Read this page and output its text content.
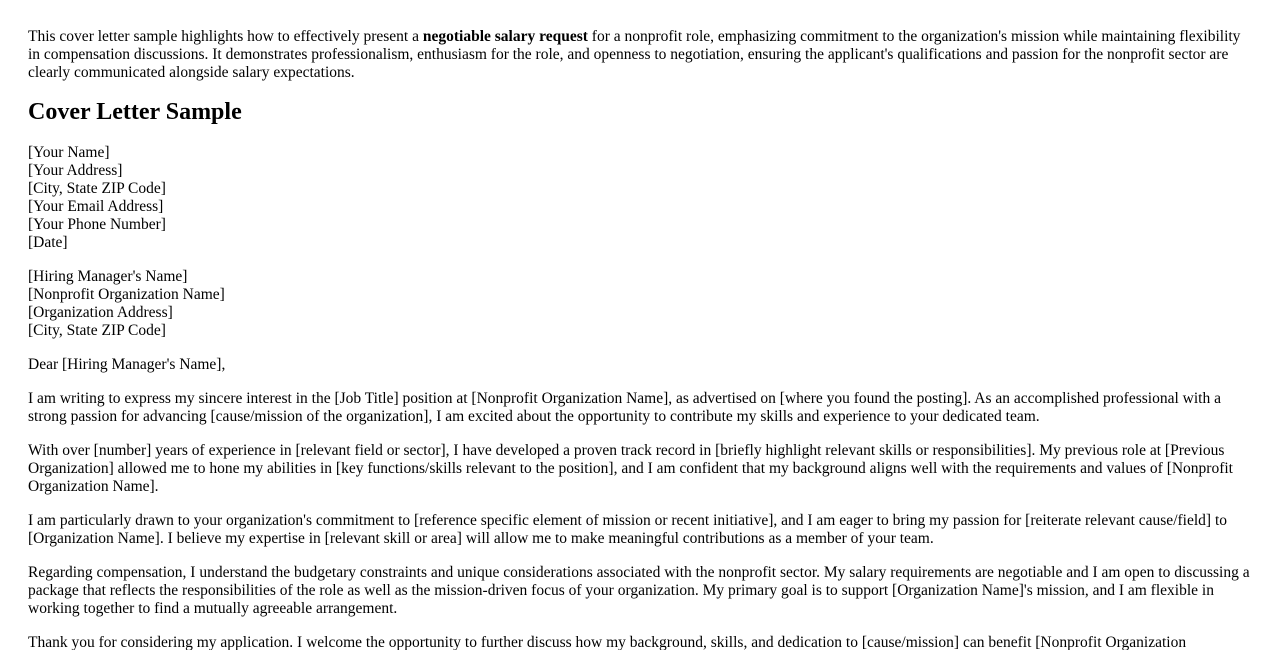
This cover letter sample highlights how to effectively present a negotiable salary request for a nonprofit role, emphasizing commitment to the organization's mission while maintaining flexibility in compensation discussions. It demonstrates professionalism, enthusiasm for the role, and openness to negotiation, ensuring the applicant's qualifications and passion for the nonprofit sector are clearly communicated alongside salary expectations.

Cover Letter Sample
[Your Name]
[Your Address]
[City, State ZIP Code]
[Your Email Address]
[Your Phone Number]
[Date]
[Hiring Manager's Name]
[Nonprofit Organization Name]
[Organization Address]
[City, State ZIP Code]

Dear [Hiring Manager's Name],

I am writing to express my sincere interest in the [Job Title] position at [Nonprofit Organization Name], as advertised on [where you found the posting]. As an accomplished professional with a strong passion for advancing [cause/mission of the organization], I am excited about the opportunity to contribute my skills and experience to your dedicated team.

With over [number] years of experience in [relevant field or sector], I have developed a proven track record in [briefly highlight relevant skills or responsibilities]. My previous role at [Previous Organization] allowed me to hone my abilities in [key functions/skills relevant to the position], and I am confident that my background aligns well with the requirements and values of [Nonprofit Organization Name].

I am particularly drawn to your organization's commitment to [reference specific element of mission or recent initiative], and I am eager to bring my passion for [reiterate relevant cause/field] to [Organization Name]. I believe my expertise in [relevant skill or area] will allow me to make meaningful contributions as a member of your team.

Regarding compensation, I understand the budgetary constraints and unique considerations associated with the nonprofit sector. My salary requirements are negotiable and I am open to discussing a package that reflects the responsibilities of the role as well as the mission-driven focus of your organization. My primary goal is to support [Organization Name]'s mission, and I am flexible in working together to find a mutually agreeable arrangement.

Thank you for considering my application. I welcome the opportunity to further discuss how my background, skills, and dedication to [cause/mission] can benefit [Nonprofit Organization
